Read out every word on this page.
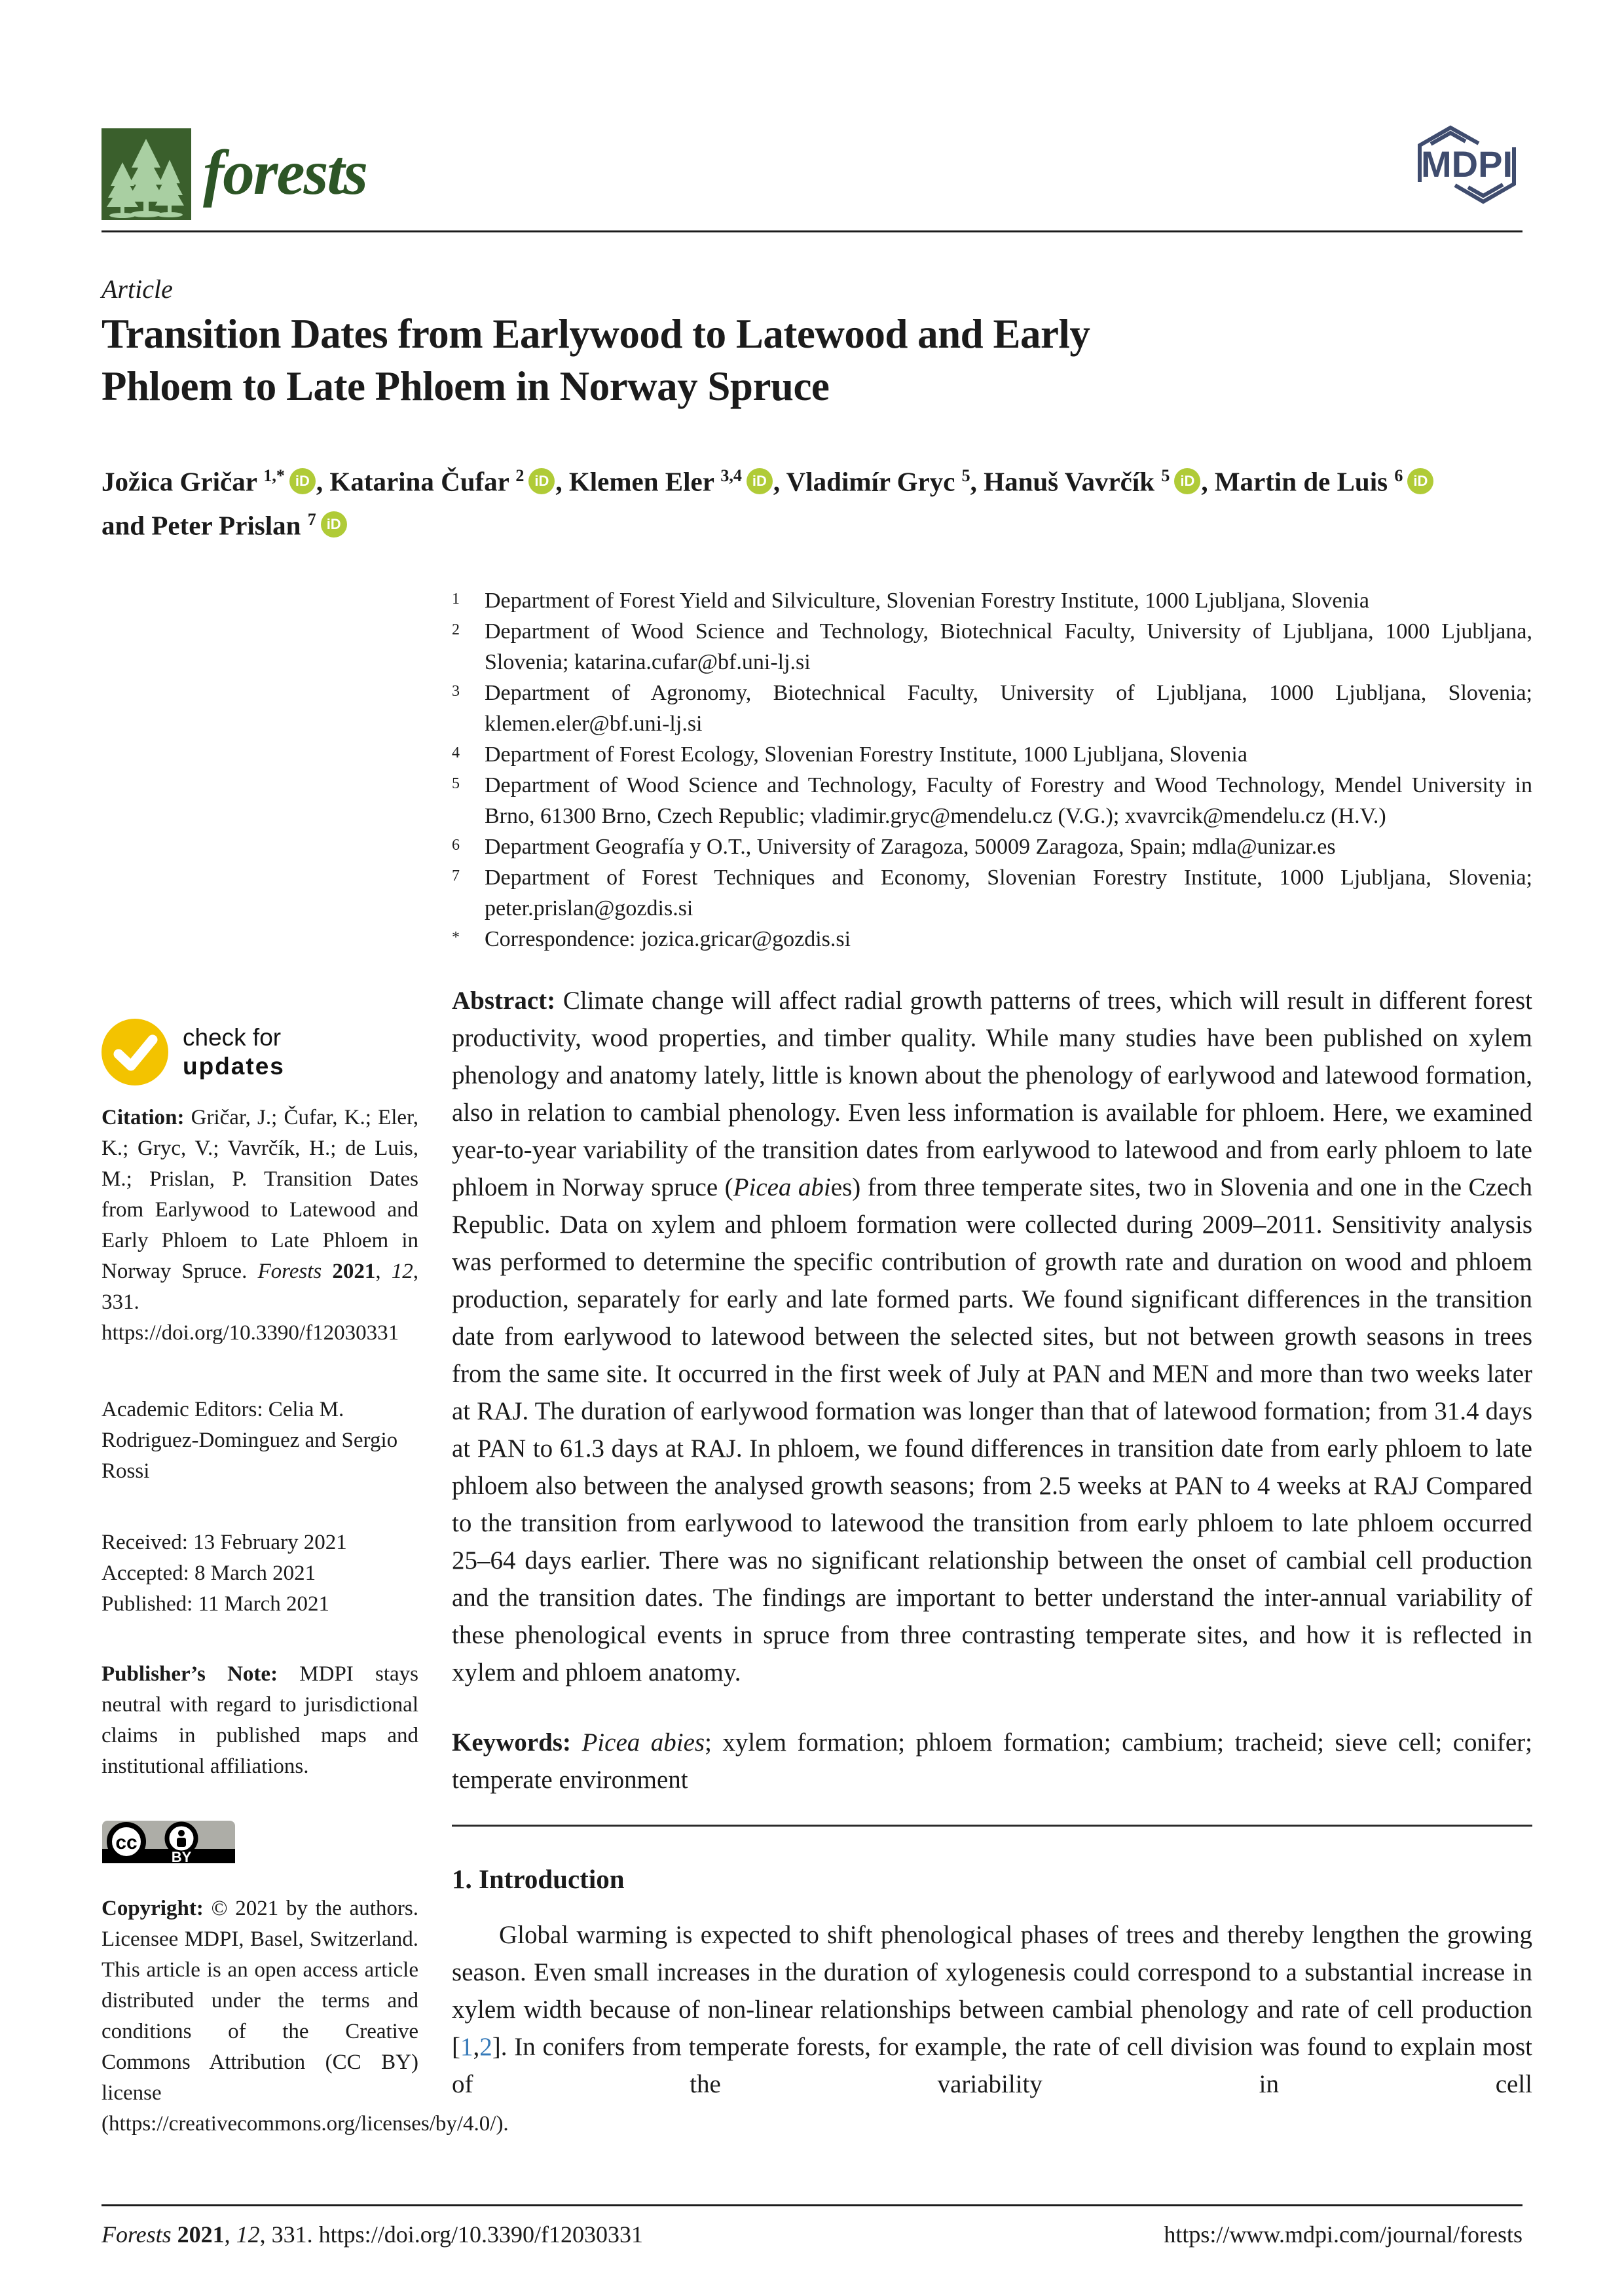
forests	MDPI
Article
Transition Dates from Earlywood to Latewood and Early
Phloem to Late Phloem in Norway Spruce
Jožica Gričar $^{1,*}$ iD , Katarina Čufar $^2$ iD , Klemen Eler $^{3,4}$ iD , Vladimír Gryc $^5$, Hanuš Vavrčík $^5$ iD , Martin de Luis $^6$ iD
and Peter Prislan $^7$ iD
1	Department of Forest Yield and Silviculture, Slovenian Forestry Institute, 1000 Ljubljana, Slovenia
2	Department of Wood Science and Technology, Biotechnical Faculty, University of Ljubljana, 1000 Ljubljana, Slovenia; katarina.cufar@bf.uni-lj.si
3	Department of Agronomy, Biotechnical Faculty, University of Ljubljana, 1000 Ljubljana, Slovenia; klemen.eler@bf.uni-lj.si
4	Department of Forest Ecology, Slovenian Forestry Institute, 1000 Ljubljana, Slovenia
5	Department of Wood Science and Technology, Faculty of Forestry and Wood Technology, Mendel University in Brno, 61300 Brno, Czech Republic; vladimir.gryc@mendelu.cz (V.G.); xvavrcik@mendelu.cz (H.V.)
6	Department Geografía y O.T., University of Zaragoza, 50009 Zaragoza, Spain; mdla@unizar.es
7	Department of Forest Techniques and Economy, Slovenian Forestry Institute, 1000 Ljubljana, Slovenia; peter.prislan@gozdis.si
*	Correspondence: jozica.gricar@gozdis.si

Abstract: Climate change will affect radial growth patterns of trees, which will result in different forest productivity, wood properties, and timber quality. While many studies have been published on xylem phenology and anatomy lately, little is known about the phenology of earlywood and latewood formation, also in relation to cambial phenology. Even less information is available for phloem. Here, we examined year-to-year variability of the transition dates from earlywood to latewood and from early phloem to late phloem in Norway spruce (Picea abies) from three temperate sites, two in Slovenia and one in the Czech Republic. Data on xylem and phloem formation were collected during 2009–2011. Sensitivity analysis was performed to determine the specific contribution of growth rate and duration on wood and phloem production, separately for early and late formed parts. We found significant differences in the transition date from earlywood to latewood between the selected sites, but not between growth seasons in trees from the same site. It occurred in the first week of July at PAN and MEN and more than two weeks later at RAJ. The duration of earlywood formation was longer than that of latewood formation; from 31.4 days at PAN to 61.3 days at RAJ. In phloem, we found differences in transition date from early phloem to late phloem also between the analysed growth seasons; from 2.5 weeks at PAN to 4 weeks at RAJ Compared to the transition from earlywood to latewood the transition from early phloem to late phloem occurred 25–64 days earlier. There was no significant relationship between the onset of cambial cell production and the transition dates. The findings are important to better understand the inter-annual variability of these phenological events in spruce from three contrasting temperate sites, and how it is reflected in xylem and phloem anatomy.

Keywords: Picea abies; xylem formation; phloem formation; cambium; tracheid; sieve cell; conifer; temperate environment

1. Introduction

Global warming is expected to shift phenological phases of trees and thereby lengthen the growing season. Even small increases in the duration of xylogenesis could correspond to a substantial increase in xylem width because of non-linear relationships between cambial phenology and rate of cell production [1,2]. In conifers from temperate forests, for example, the rate of cell division was found to explain most of the variability in cell

check for
updates
Citation: Gričar, J.; Čufar, K.; Eler, K.; Gryc, V.; Vavrčík, H.; de Luis, M.; Prislan, P. Transition Dates from Earlywood to Latewood and Early Phloem to Late Phloem in Norway Spruce. Forests 2021, 12, 331. https://doi.org/10.3390/f12030331
Academic Editors: Celia M. Rodriguez-Dominguez and Sergio Rossi
Received: 13 February 2021
Accepted: 8 March 2021
Published: 11 March 2021
Publisher’s Note: MDPI stays neutral with regard to jurisdictional claims in published maps and institutional affiliations.
cc
BY
Copyright: © 2021 by the authors. Licensee MDPI, Basel, Switzerland. This article is an open access article distributed under the terms and conditions of the Creative Commons Attribution (CC BY) license (https://creativecommons.org/licenses/by/4.0/).
Forests 2021, 12, 331. https://doi.org/10.3390/f12030331	https://www.mdpi.com/journal/forests
